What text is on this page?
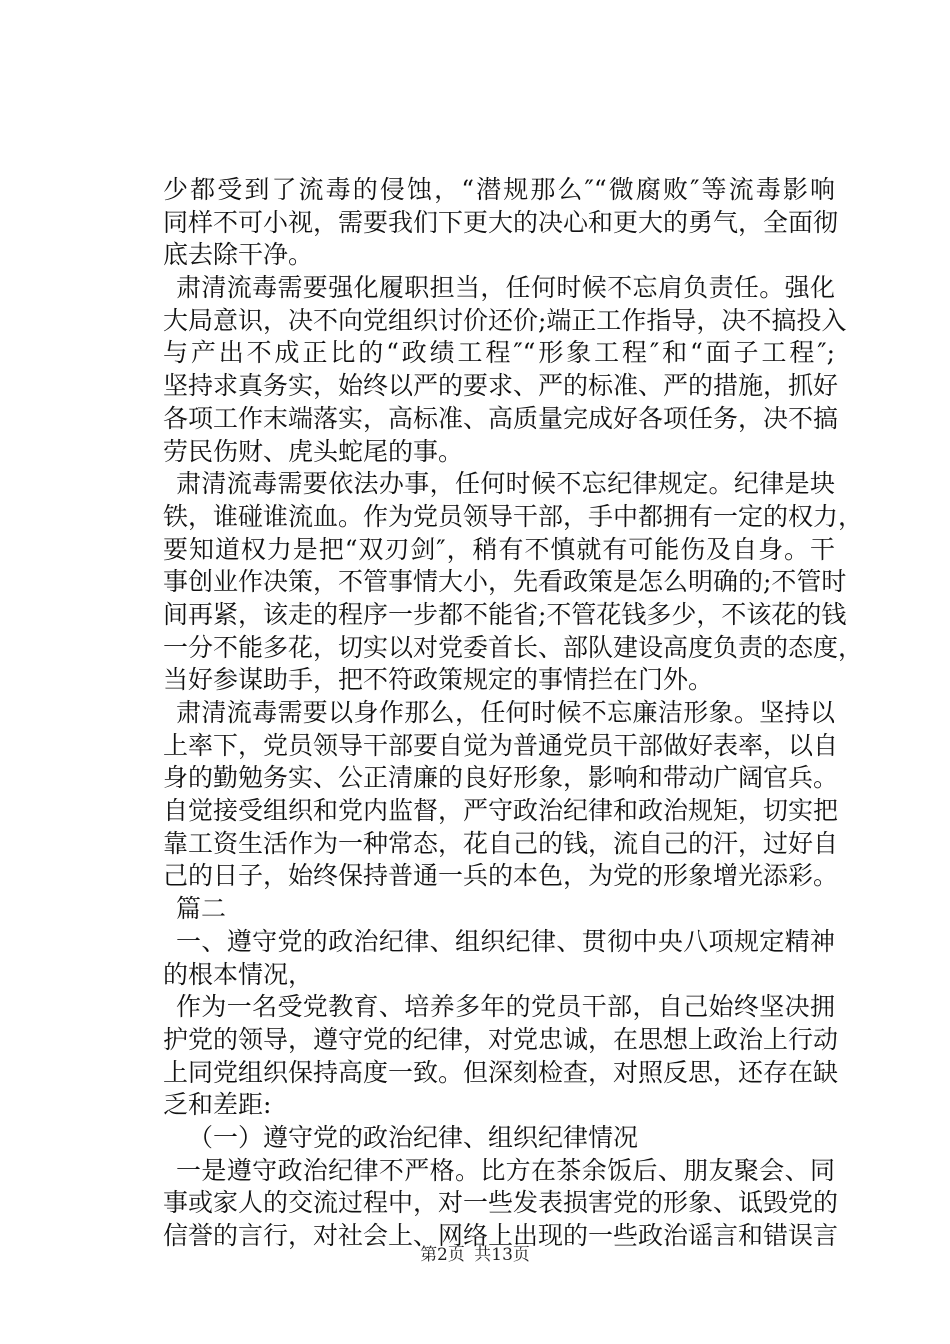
少都受到了流毒的侵蚀，“潜规那么″“微腐败″等流毒影响
同样不可小视，需要我们下更大的决心和更大的勇气，全面彻
底去除干净。
肃清流毒需要强化履职担当，任何时候不忘肩负责任。强化
大局意识，决不向党组织讨价还价;端正工作指导，决不搞投入
与产出不成正比的“政绩工程″“形象工程″和“面子工程″;
坚持求真务实，始终以严的要求、严的标准、严的措施，抓好
各项工作末端落实，高标准、高质量完成好各项任务，决不搞
劳民伤财、虎头蛇尾的事。
肃清流毒需要依法办事，任何时候不忘纪律规定。纪律是块
铁，谁碰谁流血。作为党员领导干部，手中都拥有一定的权力，
要知道权力是把“双刃剑″，稍有不慎就有可能伤及自身。干
事创业作决策，不管事情大小，先看政策是怎么明确的;不管时
间再紧，该走的程序一步都不能省;不管花钱多少，不该花的钱
一分不能多花，切实以对党委首长、部队建设高度负责的态度，
当好参谋助手，把不符政策规定的事情拦在门外。
肃清流毒需要以身作那么，任何时候不忘廉洁形象。坚持以
上率下，党员领导干部要自觉为普通党员干部做好表率，以自
身的勤勉务实、公正清廉的良好形象，影响和带动广阔官兵。
自觉接受组织和党内监督，严守政治纪律和政治规矩，切实把
靠工资生活作为一种常态，花自己的钱，流自己的汗，过好自
己的日子，始终保持普通一兵的本色，为党的形象增光添彩。
篇二
一、遵守党的政治纪律、组织纪律、贯彻中央八项规定精神
的根本情况，
作为一名受党教育、培养多年的党员干部，自己始终坚决拥
护党的领导，遵守党的纪律，对党忠诚，在思想上政治上行动
上同党组织保持高度一致。但深刻检查，对照反思，还存在缺
乏和差距:
（一）遵守党的政治纪律、组织纪律情况
一是遵守政治纪律不严格。比方在茶余饭后、朋友聚会、同
事或家人的交流过程中，对一些发表损害党的形象、诋毁党的
信誉的言行，对社会上、网络上出现的一些政治谣言和错误言
第2页 共13页
